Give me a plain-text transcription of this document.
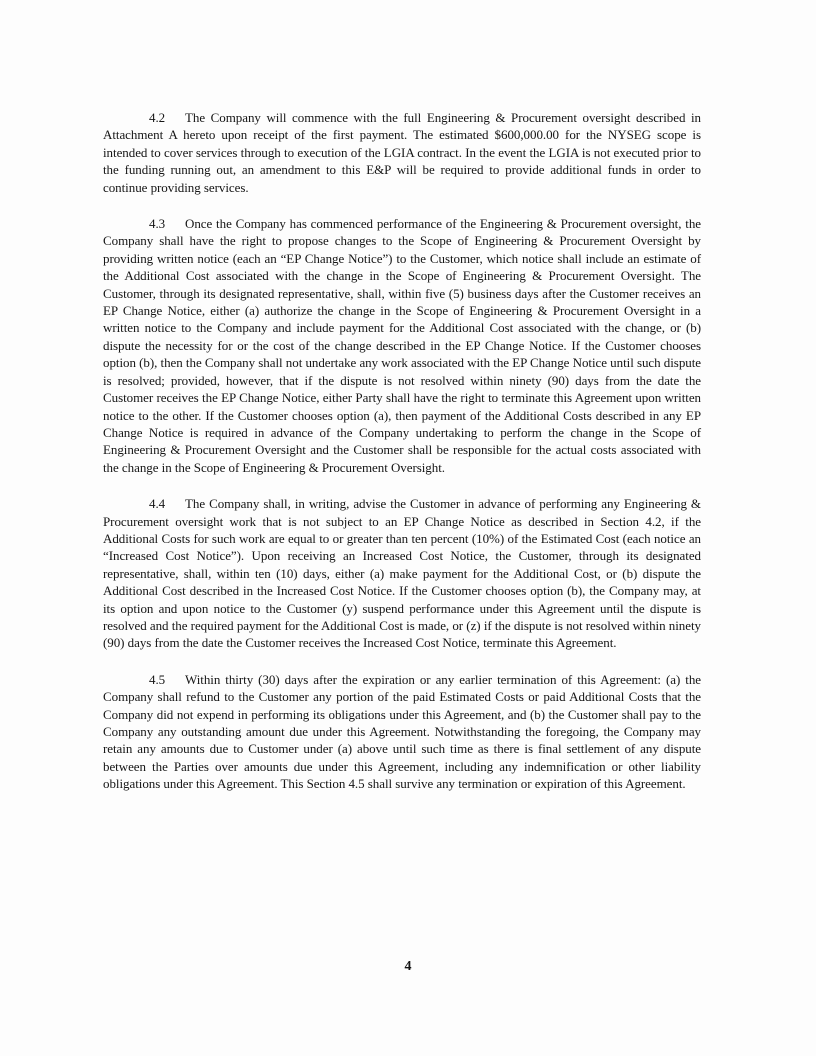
4.2 The Company will commence with the full Engineering & Procurement oversight described in Attachment A hereto upon receipt of the first payment. The estimated $600,000.00 for the NYSEG scope is intended to cover services through to execution of the LGIA contract. In the event the LGIA is not executed prior to the funding running out, an amendment to this E&P will be required to provide additional funds in order to continue providing services.

4.3 Once the Company has commenced performance of the Engineering & Procurement oversight, the Company shall have the right to propose changes to the Scope of Engineering & Procurement Oversight by providing written notice (each an “EP Change Notice”) to the Customer, which notice shall include an estimate of the Additional Cost associated with the change in the Scope of Engineering & Procurement Oversight. The Customer, through its designated representative, shall, within five (5) business days after the Customer receives an EP Change Notice, either (a) authorize the change in the Scope of Engineering & Procurement Oversight in a written notice to the Company and include payment for the Additional Cost associated with the change, or (b) dispute the necessity for or the cost of the change described in the EP Change Notice. If the Customer chooses option (b), then the Company shall not undertake any work associated with the EP Change Notice until such dispute is resolved; provided, however, that if the dispute is not resolved within ninety (90) days from the date the Customer receives the EP Change Notice, either Party shall have the right to terminate this Agreement upon written notice to the other. If the Customer chooses option (a), then payment of the Additional Costs described in any EP Change Notice is required in advance of the Company undertaking to perform the change in the Scope of Engineering & Procurement Oversight and the Customer shall be responsible for the actual costs associated with the change in the Scope of Engineering & Procurement Oversight.

4.4 The Company shall, in writing, advise the Customer in advance of performing any Engineering & Procurement oversight work that is not subject to an EP Change Notice as described in Section 4.2, if the Additional Costs for such work are equal to or greater than ten percent (10%) of the Estimated Cost (each notice an “Increased Cost Notice”). Upon receiving an Increased Cost Notice, the Customer, through its designated representative, shall, within ten (10) days, either (a) make payment for the Additional Cost, or (b) dispute the Additional Cost described in the Increased Cost Notice. If the Customer chooses option (b), the Company may, at its option and upon notice to the Customer (y) suspend performance under this Agreement until the dispute is resolved and the required payment for the Additional Cost is made, or (z) if the dispute is not resolved within ninety (90) days from the date the Customer receives the Increased Cost Notice, terminate this Agreement.

4.5 Within thirty (30) days after the expiration or any earlier termination of this Agreement: (a) the Company shall refund to the Customer any portion of the paid Estimated Costs or paid Additional Costs that the Company did not expend in performing its obligations under this Agreement, and (b) the Customer shall pay to the Company any outstanding amount due under this Agreement. Notwithstanding the foregoing, the Company may retain any amounts due to Customer under (a) above until such time as there is final settlement of any dispute between the Parties over amounts due under this Agreement, including any indemnification or other liability obligations under this Agreement. This Section 4.5 shall survive any termination or expiration of this Agreement.

4
